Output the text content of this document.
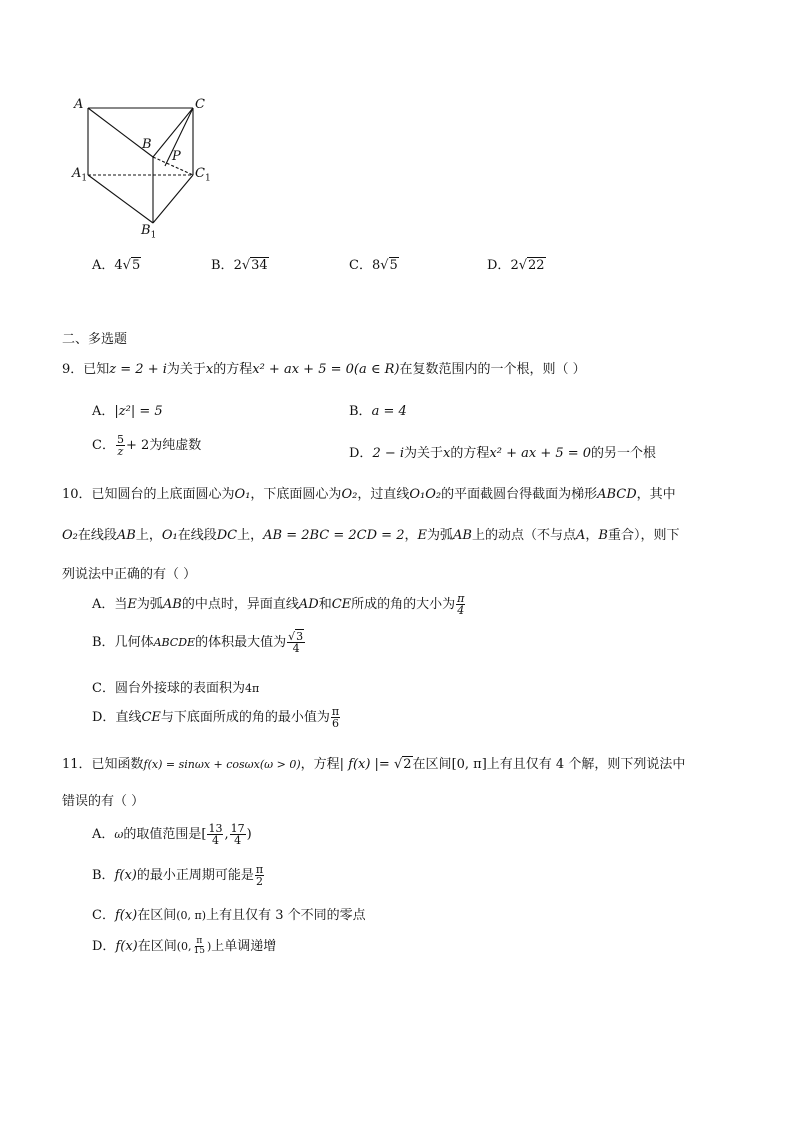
A	C
B
P
$A_1$	$C_1$
$B_1$
A．4√5	B．2√34	C．8√5	D．2√22
二、多选题
9．已知z = 2 + i为关于x的方程x² + ax + 5 = 0(a ∈ R)在复数范围内的一个根，则（ ）
A．|z²| = 5	B．a = 4
C． $\frac{5}{z} + 2$为纯虚数
D．2 − i为关于x的方程x² + ax + 5 = 0的另一个根
10．已知圆台的上底面圆心为O₁，下底面圆心为O₂，过直线O₁O₂的平面截圆台得截面为梯形ABCD，其中
O₂在线段AB上，O₁在线段DC上，AB = 2BC = 2CD = 2，E为弧AB上的动点（不与点A，B重合），则下
列说法中正确的有（ ）
A．当E为弧AB的中点时，异面直线AD和CE所成的角的大小为 $\frac{\pi}{4}$
B．几何体ABCDE的体积最大值为 $\frac{√3}{4}$
C．圆台外接球的表面积为4π
D．直线CE与下底面所成的角的最小值为 $\frac{\pi}{6}$
11．已知函数f(x) = sinωx + cosωx(ω > 0)，方程| f(x) |= √2在区间[0, π]上有且仅有 4 个解，则下列说法中
错误的有（ ）
A．ω的取值范围是[ $\frac{13}{4}$ , $\frac{17}{4}$ )
B．f(x)的最小正周期可能是 $\frac{\pi}{2}$
C．f(x)在区间(0, π)上有且仅有 3 个不同的零点
D．f(x)在区间(0, $\frac{\pi}{15}$ )上单调递增
